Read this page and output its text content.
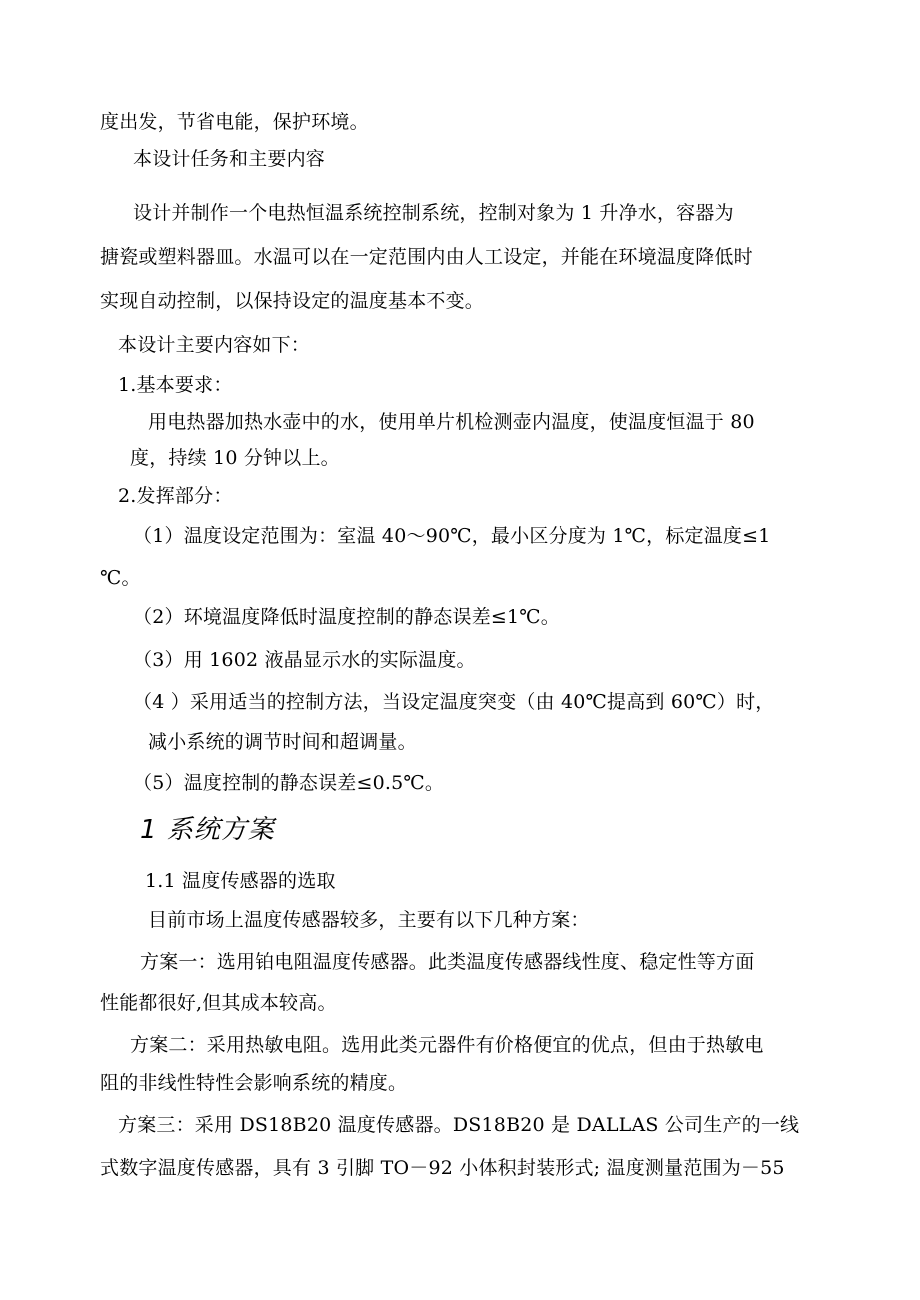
度出发，节省电能，保护环境。
本设计任务和主要内容
设计并制作一个电热恒温系统控制系统，控制对象为 1 升净水，容器为
搪瓷或塑料器皿。水温可以在一定范围内由人工设定，并能在环境温度降低时
实现自动控制，以保持设定的温度基本不变。
本设计主要内容如下：
1.基本要求：
用电热器加热水壶中的水，使用单片机检测壶内温度，使温度恒温于 80
度，持续 10 分钟以上。
2.发挥部分：
（1）温度设定范围为：室温 40～90℃，最小区分度为 1℃，标定温度≤1
℃。
（2）环境温度降低时温度控制的静态误差≤1℃。
（3）用 1602 液晶显示水的实际温度。
（4 ）采用适当的控制方法，当设定温度突变（由 40℃提高到 60℃）时，
减小系统的调节时间和超调量。
（5）温度控制的静态误差≤0.5℃。
1 系统方案
1.1 温度传感器的选取
目前市场上温度传感器较多，主要有以下几种方案：
方案一：选用铂电阻温度传感器。此类温度传感器线性度、稳定性等方面
性能都很好,但其成本较高。
方案二：采用热敏电阻。选用此类元器件有价格便宜的优点，但由于热敏电
阻的非线性特性会影响系统的精度。
方案三：采用 DS18B20 温度传感器。DS18B20 是 DALLAS 公司生产的一线
式数字温度传感器，具有 3 引脚 TO－92 小体积封装形式; 温度测量范围为－55
